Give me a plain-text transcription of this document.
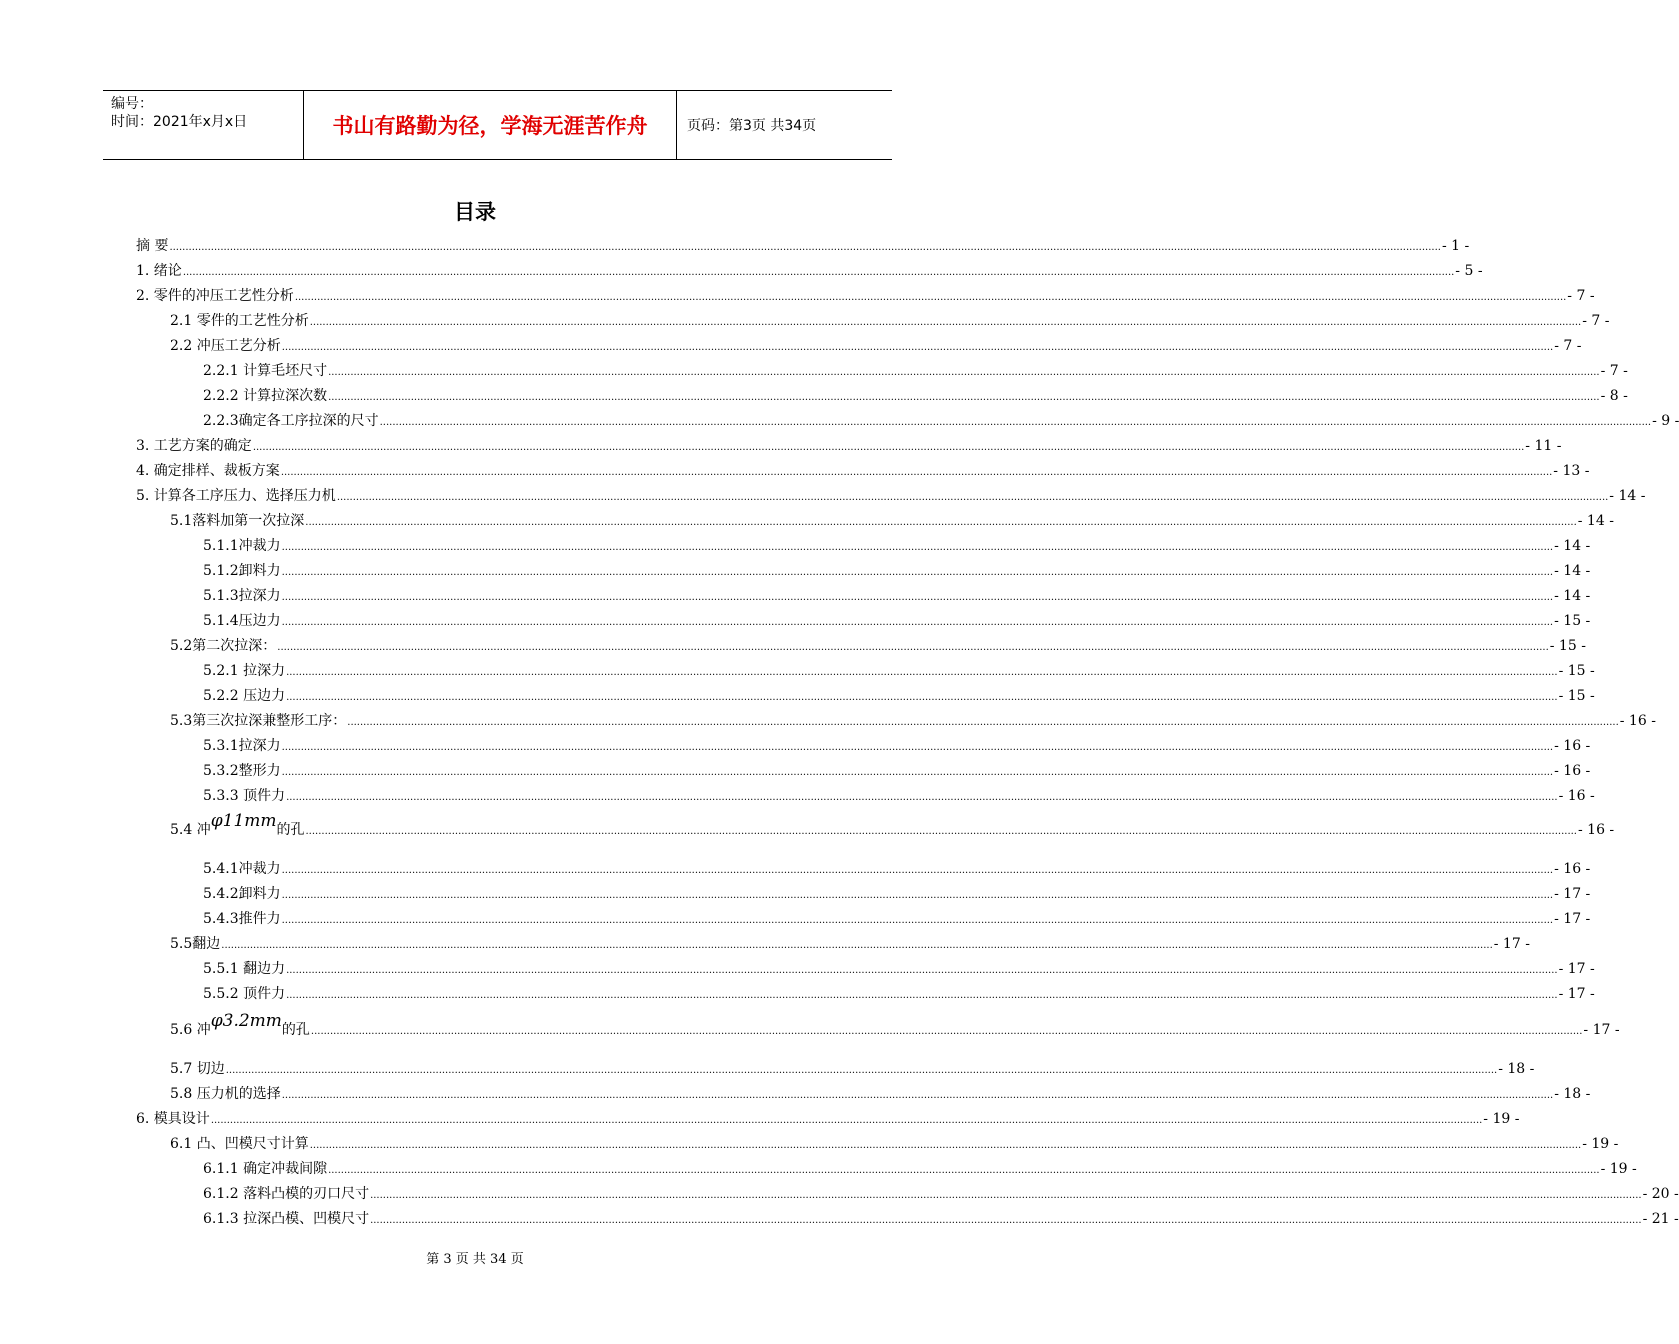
编号：
时间：2021年x月x日	书山有路勤为径，学海无涯苦作舟	页码：第3页 共34页
目录
摘 要 ................................................................................................................................................................................................................................................................................................................................................................................................................ - 1 -
1. 绪论 ................................................................................................................................................................................................................................................................................................................................................................................................................ - 5 -
2. 零件的冲压工艺性分析 ................................................................................................................................................................................................................................................................................................................................................................................................................ - 7 -
2.1 零件的工艺性分析 ................................................................................................................................................................................................................................................................................................................................................................................................................ - 7 -
2.2 冲压工艺分析 ................................................................................................................................................................................................................................................................................................................................................................................................................ - 7 -
2.2.1 计算毛坯尺寸 ................................................................................................................................................................................................................................................................................................................................................................................................................ - 7 -
2.2.2 计算拉深次数 ................................................................................................................................................................................................................................................................................................................................................................................................................ - 8 -
2.2.3确定各工序拉深的尺寸 ................................................................................................................................................................................................................................................................................................................................................................................................................ - 9 -
3. 工艺方案的确定 ................................................................................................................................................................................................................................................................................................................................................................................................................ - 11 -
4. 确定排样、裁板方案 ................................................................................................................................................................................................................................................................................................................................................................................................................ - 13 -
5. 计算各工序压力、选择压力机 ................................................................................................................................................................................................................................................................................................................................................................................................................ - 14 -
5.1落料加第一次拉深 ................................................................................................................................................................................................................................................................................................................................................................................................................ - 14 -
5.1.1冲裁力 ................................................................................................................................................................................................................................................................................................................................................................................................................ - 14 -
5.1.2卸料力 ................................................................................................................................................................................................................................................................................................................................................................................................................ - 14 -
5.1.3拉深力 ................................................................................................................................................................................................................................................................................................................................................................................................................ - 14 -
5.1.4压边力 ................................................................................................................................................................................................................................................................................................................................................................................................................ - 15 -
5.2第二次拉深： ................................................................................................................................................................................................................................................................................................................................................................................................................ - 15 -
5.2.1 拉深力 ................................................................................................................................................................................................................................................................................................................................................................................................................ - 15 -
5.2.2 压边力 ................................................................................................................................................................................................................................................................................................................................................................................................................ - 15 -
5.3第三次拉深兼整形工序： ................................................................................................................................................................................................................................................................................................................................................................................................................ - 16 -
5.3.1拉深力 ................................................................................................................................................................................................................................................................................................................................................................................................................ - 16 -
5.3.2整形力 ................................................................................................................................................................................................................................................................................................................................................................................................................ - 16 -
5.3.3 顶件力 ................................................................................................................................................................................................................................................................................................................................................................................................................ - 16 -
5.4 冲φ11mm的孔 ................................................................................................................................................................................................................................................................................................................................................................................................................ - 16 -
5.4.1冲裁力 ................................................................................................................................................................................................................................................................................................................................................................................................................ - 16 -
5.4.2卸料力 ................................................................................................................................................................................................................................................................................................................................................................................................................ - 17 -
5.4.3推件力 ................................................................................................................................................................................................................................................................................................................................................................................................................ - 17 -
5.5翻边 ................................................................................................................................................................................................................................................................................................................................................................................................................ - 17 -
5.5.1 翻边力 ................................................................................................................................................................................................................................................................................................................................................................................................................ - 17 -
5.5.2 顶件力 ................................................................................................................................................................................................................................................................................................................................................................................................................ - 17 -
5.6 冲φ3.2mm的孔 ................................................................................................................................................................................................................................................................................................................................................................................................................ - 17 -
5.7 切边 ................................................................................................................................................................................................................................................................................................................................................................................................................ - 18 -
5.8 压力机的选择 ................................................................................................................................................................................................................................................................................................................................................................................................................ - 18 -
6. 模具设计 ................................................................................................................................................................................................................................................................................................................................................................................................................ - 19 -
6.1 凸、凹模尺寸计算 ................................................................................................................................................................................................................................................................................................................................................................................................................ - 19 -
6.1.1 确定冲裁间隙 ................................................................................................................................................................................................................................................................................................................................................................................................................ - 19 -
6.1.2 落料凸模的刃口尺寸 ................................................................................................................................................................................................................................................................................................................................................................................................................ - 20 -
6.1.3 拉深凸模、凹模尺寸 ................................................................................................................................................................................................................................................................................................................................................................................................................ - 21 -
第 3 页 共 34 页
